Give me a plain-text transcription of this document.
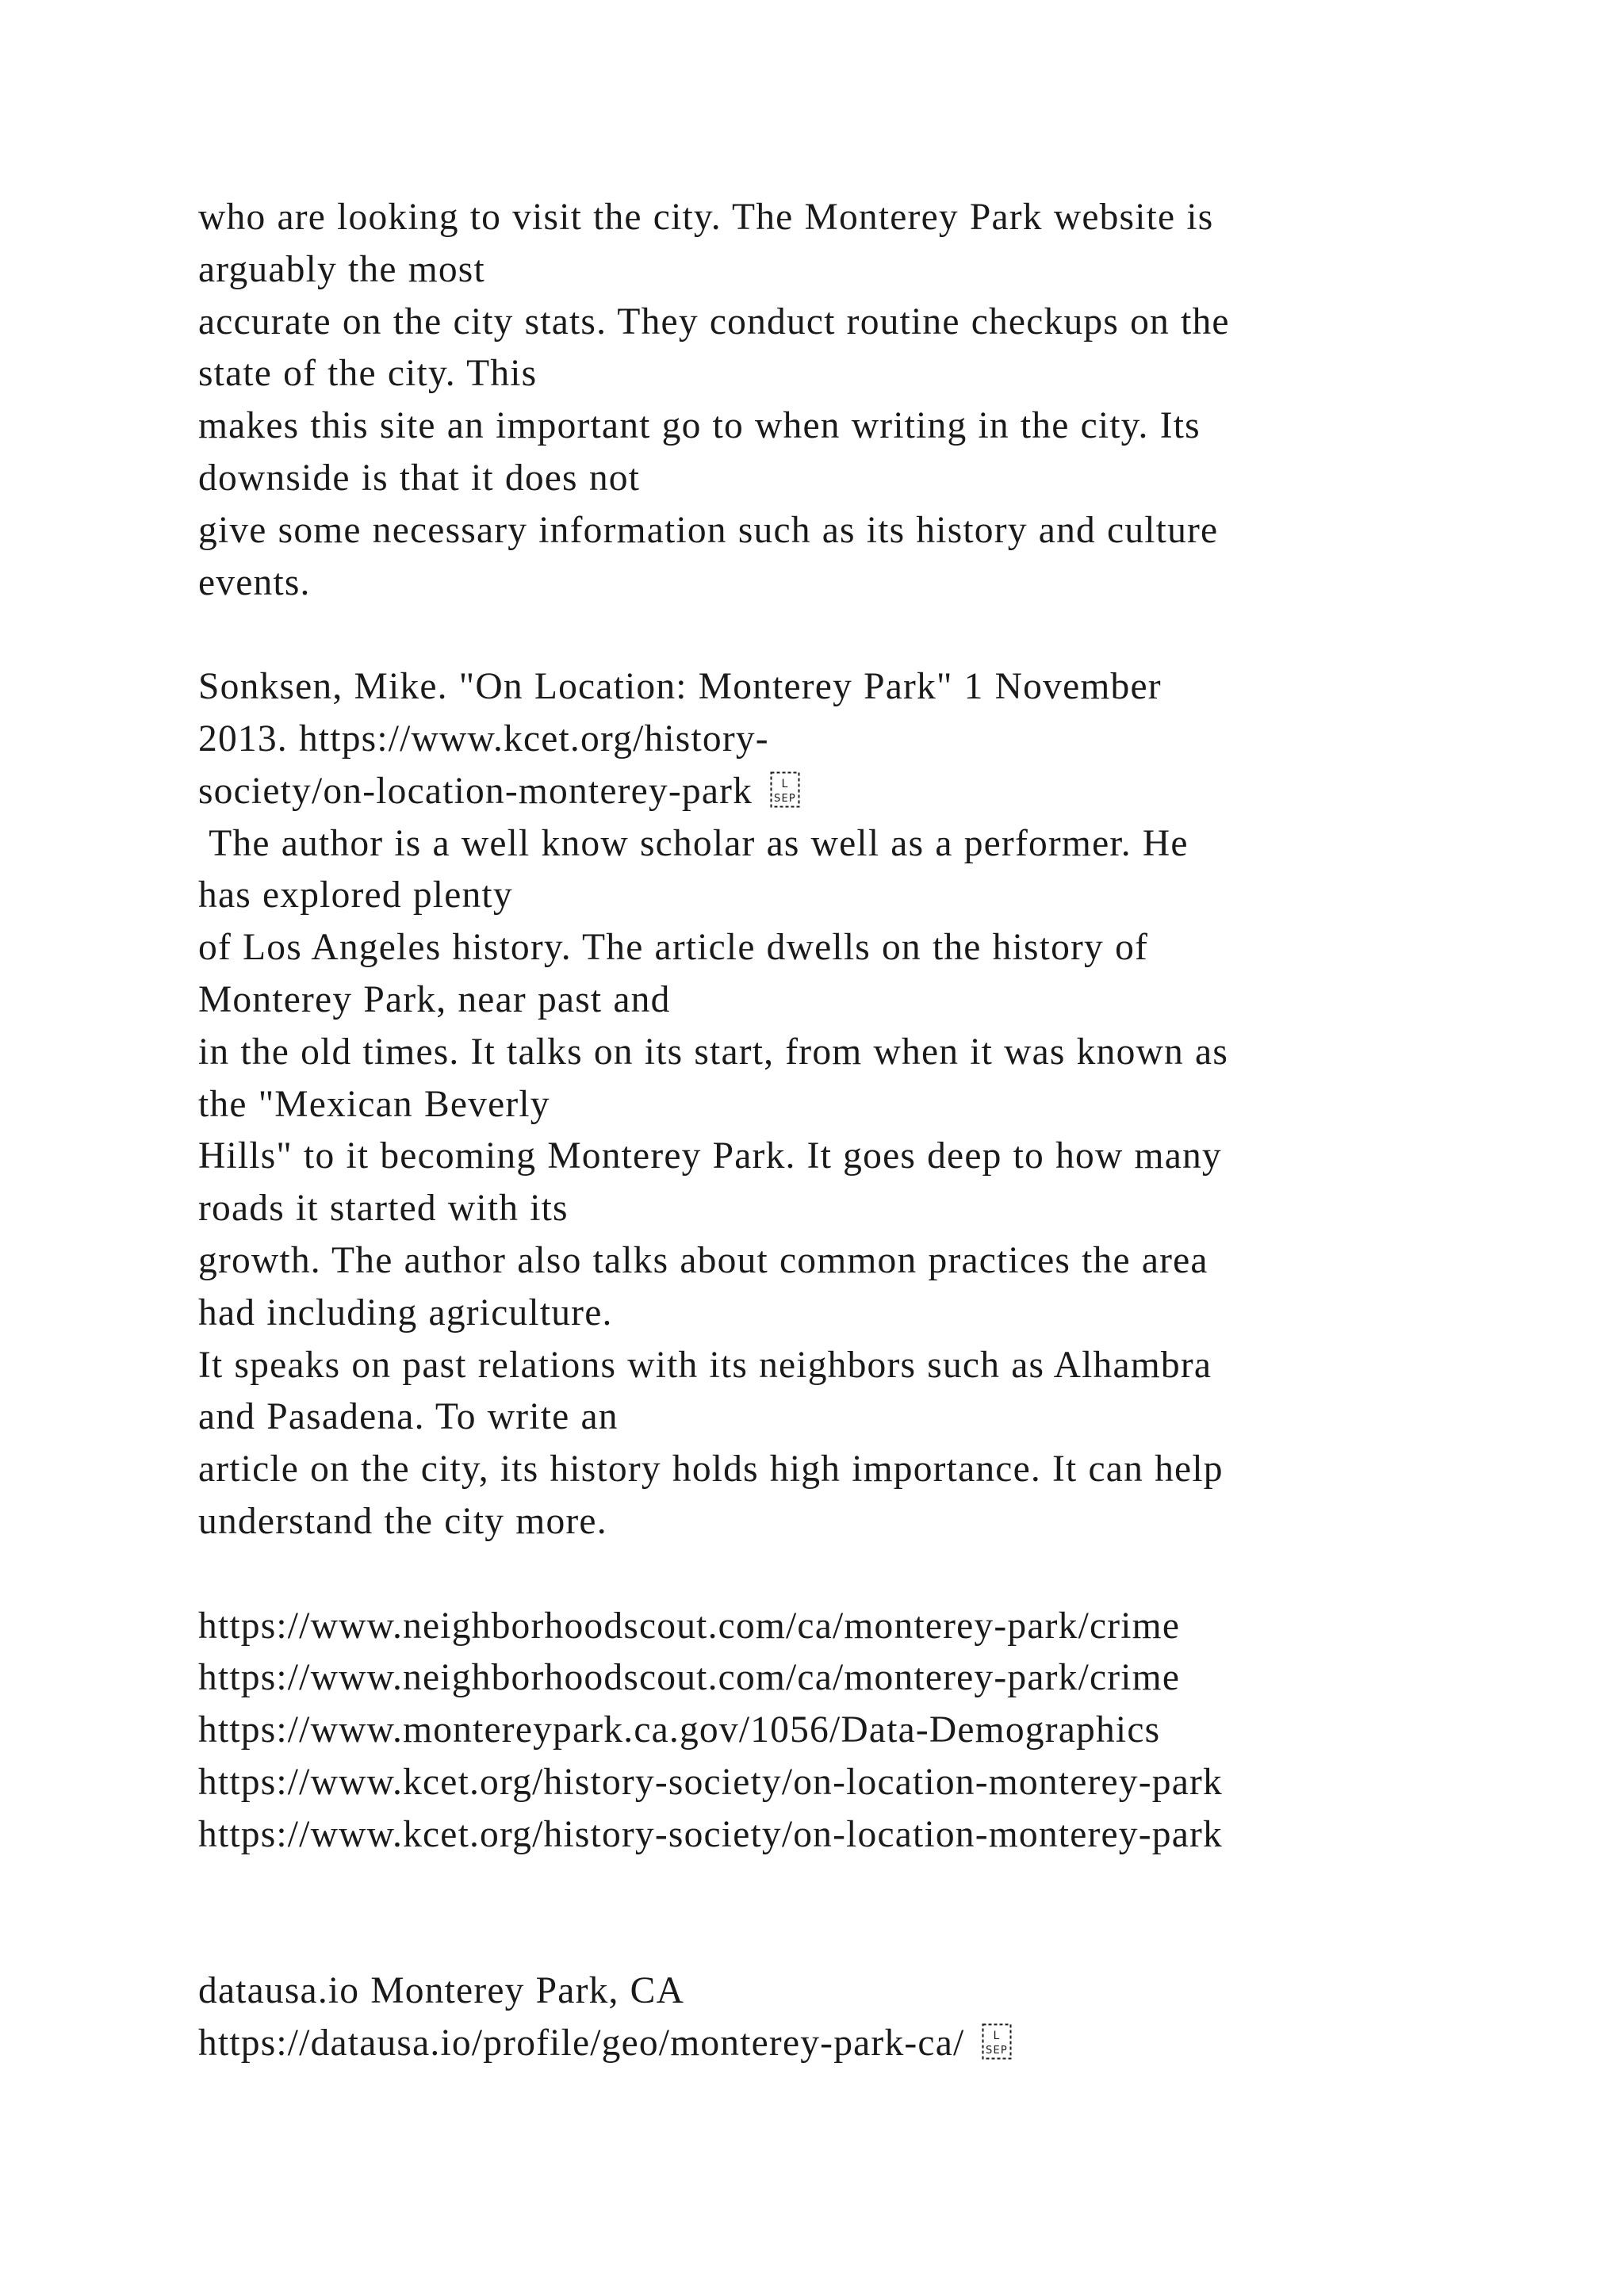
who are looking to visit the city. The Monterey Park website is
arguably the most
accurate on the city stats. They conduct routine checkups on the
state of the city. This
makes this site an important go to when writing in the city. Its
downside is that it does not
give some necessary information such as its history and culture
events.
Sonksen, Mike. "On Location: Monterey Park" 1 November
2013. https://www.kcet.org/history-
society/on-location-monterey-park L
SEP
The author is a well know scholar as well as a performer. He
has explored plenty
of Los Angeles history. The article dwells on the history of
Monterey Park, near past and
in the old times. It talks on its start, from when it was known as
the "Mexican Beverly
Hills" to it becoming Monterey Park. It goes deep to how many
roads it started with its
growth. The author also talks about common practices the area
had including agriculture.
It speaks on past relations with its neighbors such as Alhambra
and Pasadena. To write an
article on the city, its history holds high importance. It can help
understand the city more.
https://www.neighborhoodscout.com/ca/monterey-park/crime
https://www.neighborhoodscout.com/ca/monterey-park/crime
https://www.montereypark.ca.gov/1056/Data-Demographics
https://www.kcet.org/history-society/on-location-monterey-park
https://www.kcet.org/history-society/on-location-monterey-park
datausa.io Monterey Park, CA
https://datausa.io/profile/geo/monterey-park-ca/ L
SEP
